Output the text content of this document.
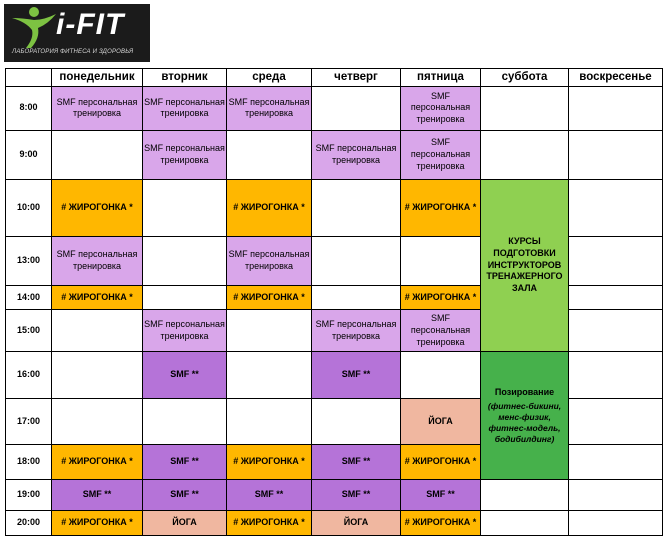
i-FIT
ЛАБОРАТОРИЯ ФИТНЕСА И ЗДОРОВЬЯ
	понедельник	вторник	среда	четверг	пятница	суббота	воскресенье
8:00	SMF персональная тренировка	SMF персональная тренировка	SMF персональная тренировка		SMF персональная тренировка		
9:00		SMF персональная тренировка		SMF персональная тренировка	SMF персональная тренировка		
10:00	# ЖИРОГОНКА *		# ЖИРОГОНКА *		# ЖИРОГОНКА *	КУРСЫ ПОДГОТОВКИ ИНСТРУКТОРОВ ТРЕНАЖЕРНОГО ЗАЛА	
13:00	SMF персональная тренировка		SMF персональная тренировка				
14:00	# ЖИРОГОНКА *		# ЖИРОГОНКА *		# ЖИРОГОНКА *		
15:00		SMF персональная тренировка		SMF персональная тренировка	SMF персональная тренировка		
16:00		SMF **		SMF **		Позирование
(фитнес-бикини, менс-физик, фитнес-модель, бодибилдинг)	

17:00					ЙОГА		
18:00	# ЖИРОГОНКА *	SMF **	# ЖИРОГОНКА *	SMF **	# ЖИРОГОНКА *		
19:00	SMF **	SMF **	SMF **	SMF **	SMF **		
20:00	# ЖИРОГОНКА *	ЙОГА	# ЖИРОГОНКА *	ЙОГА	# ЖИРОГОНКА *		
